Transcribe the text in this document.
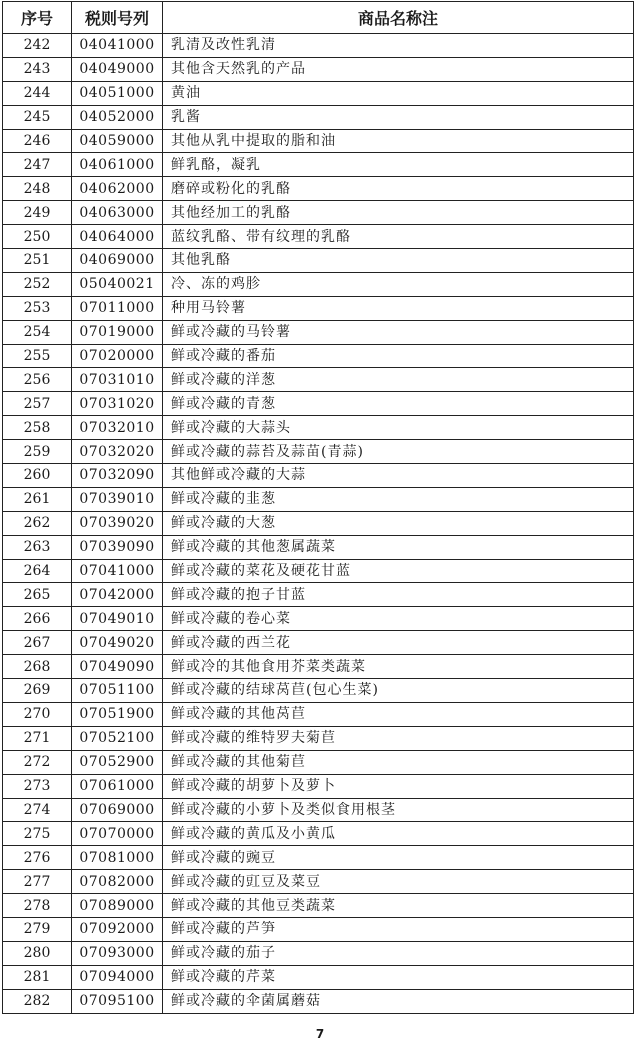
序号	税则号列	商品名称注
242	04041000	乳清及改性乳清
243	04049000	其他含天然乳的产品
244	04051000	黄油
245	04052000	乳酱
246	04059000	其他从乳中提取的脂和油
247	04061000	鲜乳酪，凝乳
248	04062000	磨碎或粉化的乳酪
249	04063000	其他经加工的乳酪
250	04064000	蓝纹乳酪、带有纹理的乳酪
251	04069000	其他乳酪
252	05040021	冷、冻的鸡胗
253	07011000	种用马铃薯
254	07019000	鲜或冷藏的马铃薯
255	07020000	鲜或冷藏的番茄
256	07031010	鲜或冷藏的洋葱
257	07031020	鲜或冷藏的青葱
258	07032010	鲜或冷藏的大蒜头
259	07032020	鲜或冷藏的蒜苔及蒜苗(青蒜)
260	07032090	其他鲜或冷藏的大蒜
261	07039010	鲜或冷藏的韭葱
262	07039020	鲜或冷藏的大葱
263	07039090	鲜或冷藏的其他葱属蔬菜
264	07041000	鲜或冷藏的菜花及硬花甘蓝
265	07042000	鲜或冷藏的抱子甘蓝
266	07049010	鲜或冷藏的卷心菜
267	07049020	鲜或冷藏的西兰花
268	07049090	鲜或冷的其他食用芥菜类蔬菜
269	07051100	鲜或冷藏的结球莴苣(包心生菜)
270	07051900	鲜或冷藏的其他莴苣
271	07052100	鲜或冷藏的维特罗夫菊苣
272	07052900	鲜或冷藏的其他菊苣
273	07061000	鲜或冷藏的胡萝卜及萝卜
274	07069000	鲜或冷藏的小萝卜及类似食用根茎
275	07070000	鲜或冷藏的黄瓜及小黄瓜
276	07081000	鲜或冷藏的豌豆
277	07082000	鲜或冷藏的豇豆及菜豆
278	07089000	鲜或冷藏的其他豆类蔬菜
279	07092000	鲜或冷藏的芦笋
280	07093000	鲜或冷藏的茄子
281	07094000	鲜或冷藏的芹菜
282	07095100	鲜或冷藏的伞菌属蘑菇
7
